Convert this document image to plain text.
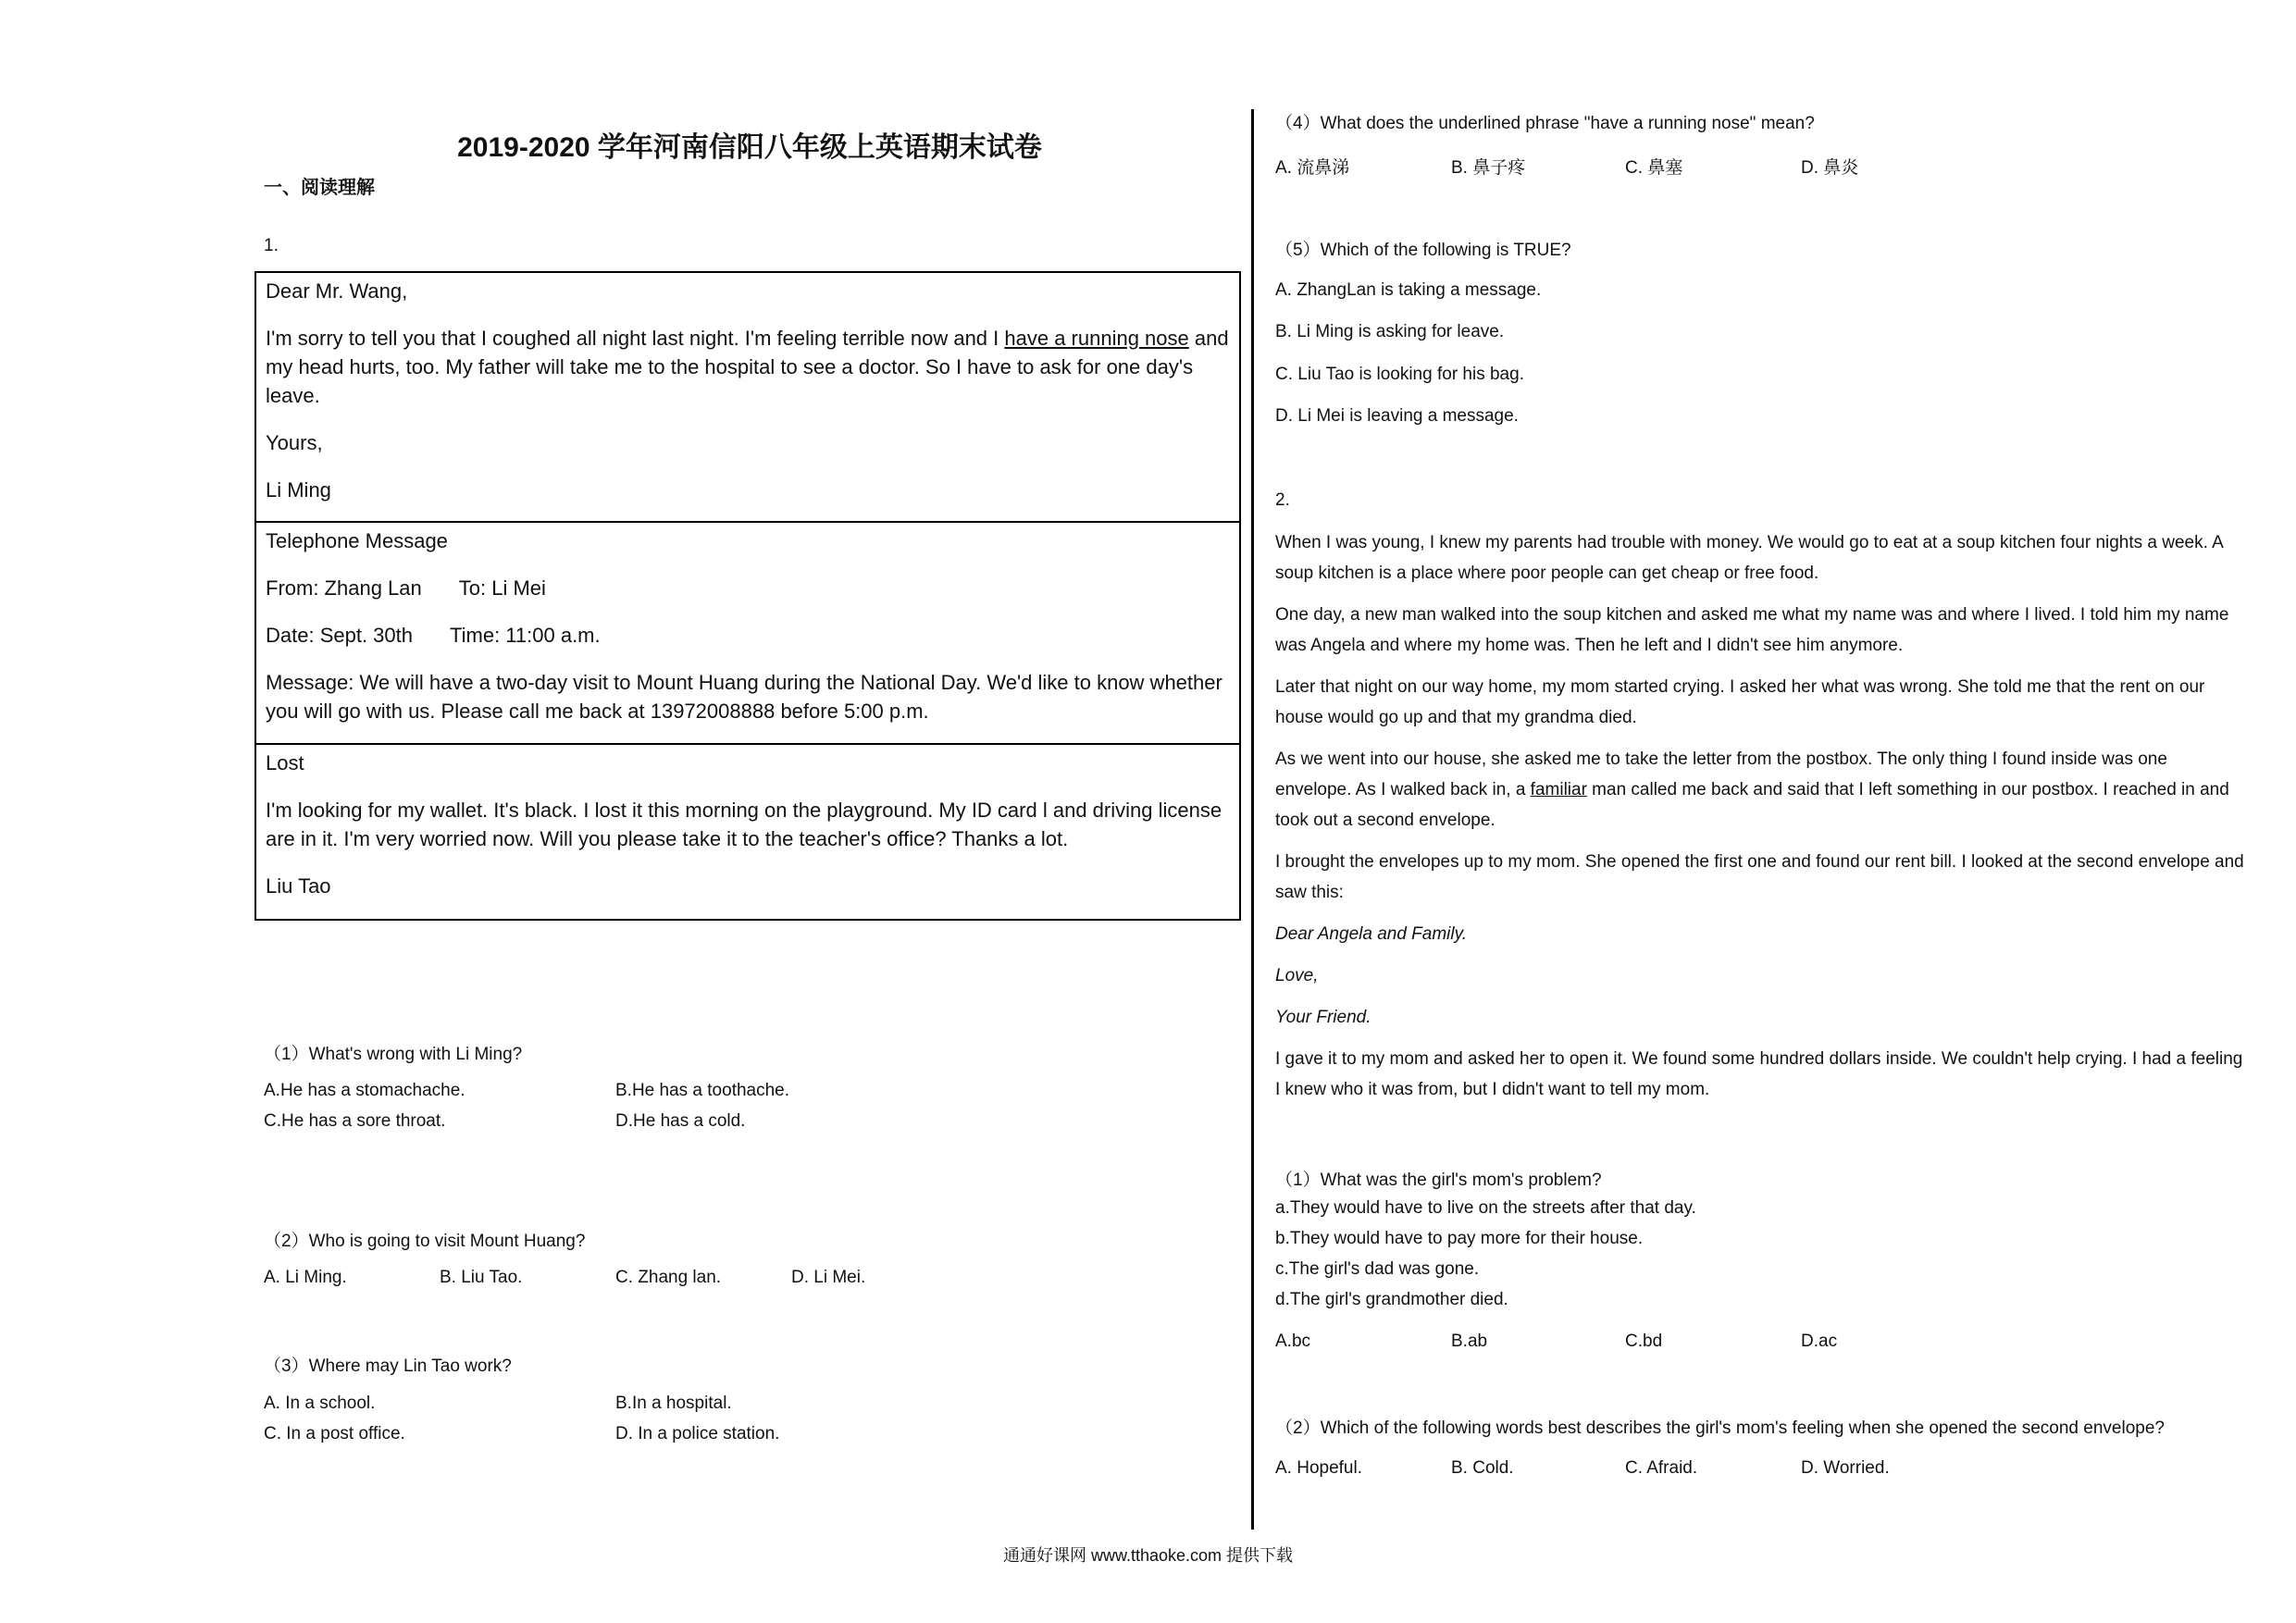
2019-2020 学年河南信阳八年级上英语期末试卷
一、阅读理解
1.

Dear Mr. Wang,

I'm sorry to tell you that I coughed all night last night. I'm feeling terrible now and I have a running nose and my head hurts, too. My father will take me to the hospital to see a doctor. So I have to ask for one day's leave.

Yours,

Li Ming

Telephone Message

From: Zhang Lan To: Li Mei

Date: Sept. 30th Time: 11:00 a.m.

Message: We will have a two-day visit to Mount Huang during the National Day. We'd like to know whether you will go with us. Please call me back at 13972008888 before 5:00 p.m.

Lost

I'm looking for my wallet. It's black. I lost it this morning on the playground. My ID card l and driving license are in it. I'm very worried now. Will you please take it to the teacher's office? Thanks a lot.

Liu Tao

（1）What's wrong with Li Ming?
A.He has a stomachache.	B.He has a toothache.
C.He has a sore throat.	D.He has a cold.
（2）Who is going to visit Mount Huang?
A. Li Ming.	B. Liu Tao.	C. Zhang lan.	D. Li Mei.
（3）Where may Lin Tao work?
A. In a school.	B.In a hospital.
C. In a post office.	D. In a police station.
（4）What does the underlined phrase "have a running nose" mean?
A. 流鼻涕	B. 鼻子疼	C. 鼻塞	D. 鼻炎
（5）Which of the following is TRUE?
A. ZhangLan is taking a message.
B. Li Ming is asking for leave.
C. Liu Tao is looking for his bag.
D. Li Mei is leaving a message.
2.

When I was young, I knew my parents had trouble with money. We would go to eat at a soup kitchen four nights a week. A soup kitchen is a place where poor people can get cheap or free food.

One day, a new man walked into the soup kitchen and asked me what my name was and where I lived. I told him my name was Angela and where my home was. Then he left and I didn't see him anymore.

Later that night on our way home, my mom started crying. I asked her what was wrong. She told me that the rent on our house would go up and that my grandma died.

As we went into our house, she asked me to take the letter from the postbox. The only thing I found inside was one envelope. As I walked back in, a familiar man called me back and said that I left something in our postbox. I reached in and took out a second envelope.

I brought the envelopes up to my mom. She opened the first one and found our rent bill. I looked at the second envelope and saw this:

Dear Angela and Family.

Love,

Your Friend.

I gave it to my mom and asked her to open it. We found some hundred dollars inside. We couldn't help crying. I had a feeling I knew who it was from, but I didn't want to tell my mom.

（1）What was the girl's mom's problem?
a.They would have to live on the streets after that day.
b.They would have to pay more for their house.
c.The girl's dad was gone.
d.The girl's grandmother died.
A.bc	B.ab	C.bd	D.ac
（2）Which of the following words best describes the girl's mom's feeling when she opened the second envelope?
A. Hopeful.	B. Cold.	C. Afraid.	D. Worried.
通通好课网 www.tthaoke.com 提供下载
